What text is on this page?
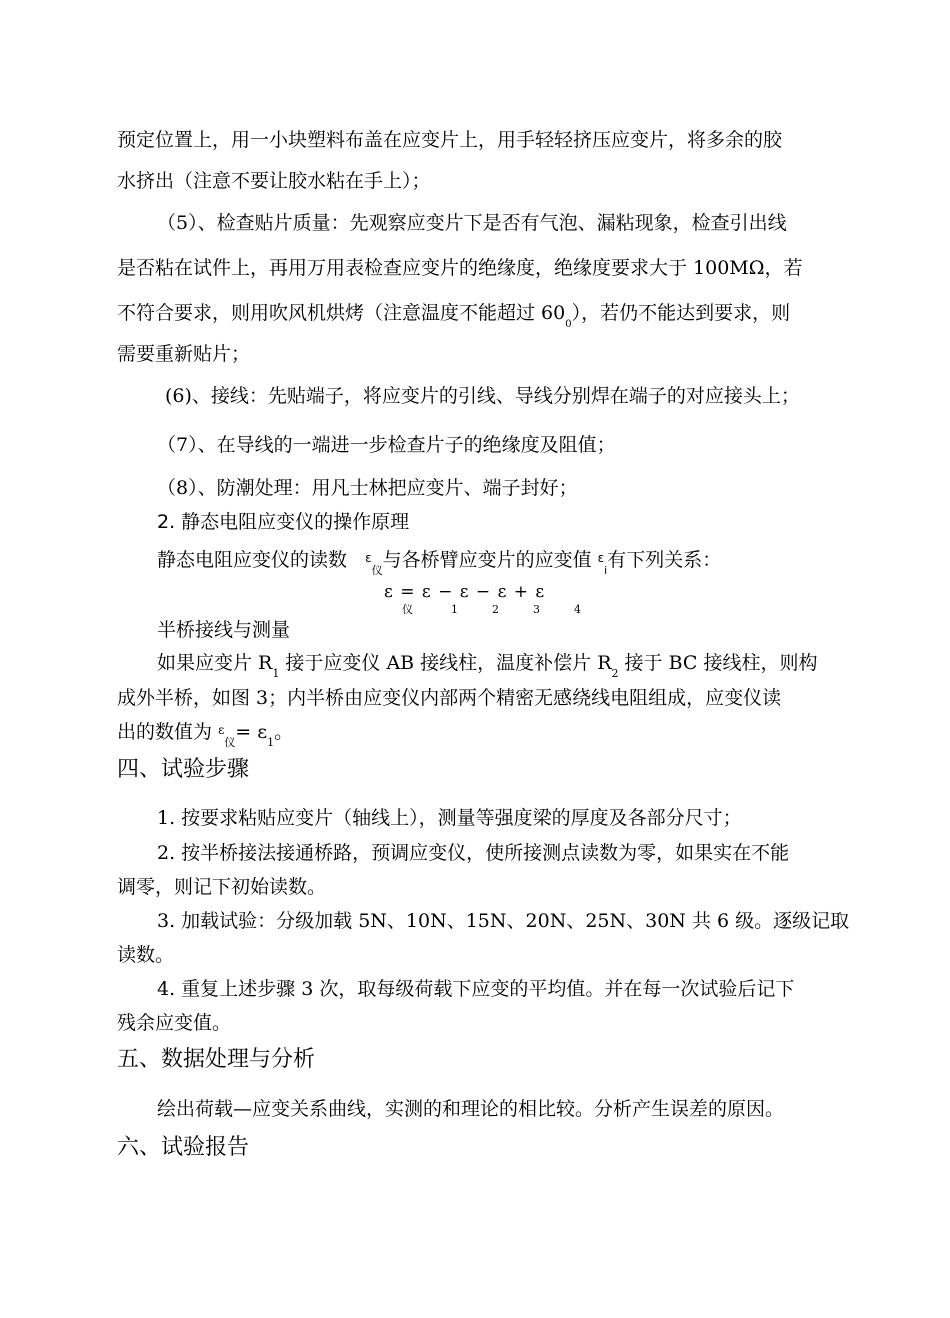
预定位置上，用一小块塑料布盖在应变片上，用手轻轻挤压应变片，将多余的胶
水挤出（注意不要让胶水粘在手上）；
（5）、检查贴片质量：先观察应变片下是否有气泡、漏粘现象，检查引出线
是否粘在试件上，再用万用表检查应变片的绝缘度，绝缘度要求大于 100MΩ，若
不符合要求，则用吹风机烘烤（注意温度不能超过 $60_0$），若仍不能达到要求，则
需要重新贴片；
(6)、接线：先贴端子，将应变片的引线、导线分别焊在端子的对应接头上；
（7）、在导线的一端进一步检查片子的绝缘度及阻值；
（8）、防潮处理：用凡士林把应变片、端子封好；
2. 静态电阻应变仪的操作原理
静态电阻应变仪的读数 $^\varepsilon_仪$与各桥臂应变片的应变值 $^\varepsilon_i$有下列关系：
ε = ε − ε − ε + ε
仪	1	2	3	4
半桥接线与测量
如果应变片 $R_1$ 接于应变仪 AB 接线柱，温度补偿片 $R_2$ 接于 BC 接线柱，则构
成外半桥，如图 3；内半桥由应变仪内部两个精密无感绕线电阻组成，应变仪读
出的数值为 $^\varepsilon_仪= \varepsilon_1$。
四、试验步骤
1. 按要求粘贴应变片（轴线上），测量等强度梁的厚度及各部分尺寸；
2. 按半桥接法接通桥路，预调应变仪，使所接测点读数为零，如果实在不能
调零，则记下初始读数。
3. 加载试验：分级加载 5N、10N、15N、20N、25N、30N 共 6 级。逐级记取
读数。
4. 重复上述步骤 3 次，取每级荷载下应变的平均值。并在每一次试验后记下
残余应变值。
五、数据处理与分析
绘出荷载—应变关系曲线，实测的和理论的相比较。分析产生误差的原因。
六、试验报告
